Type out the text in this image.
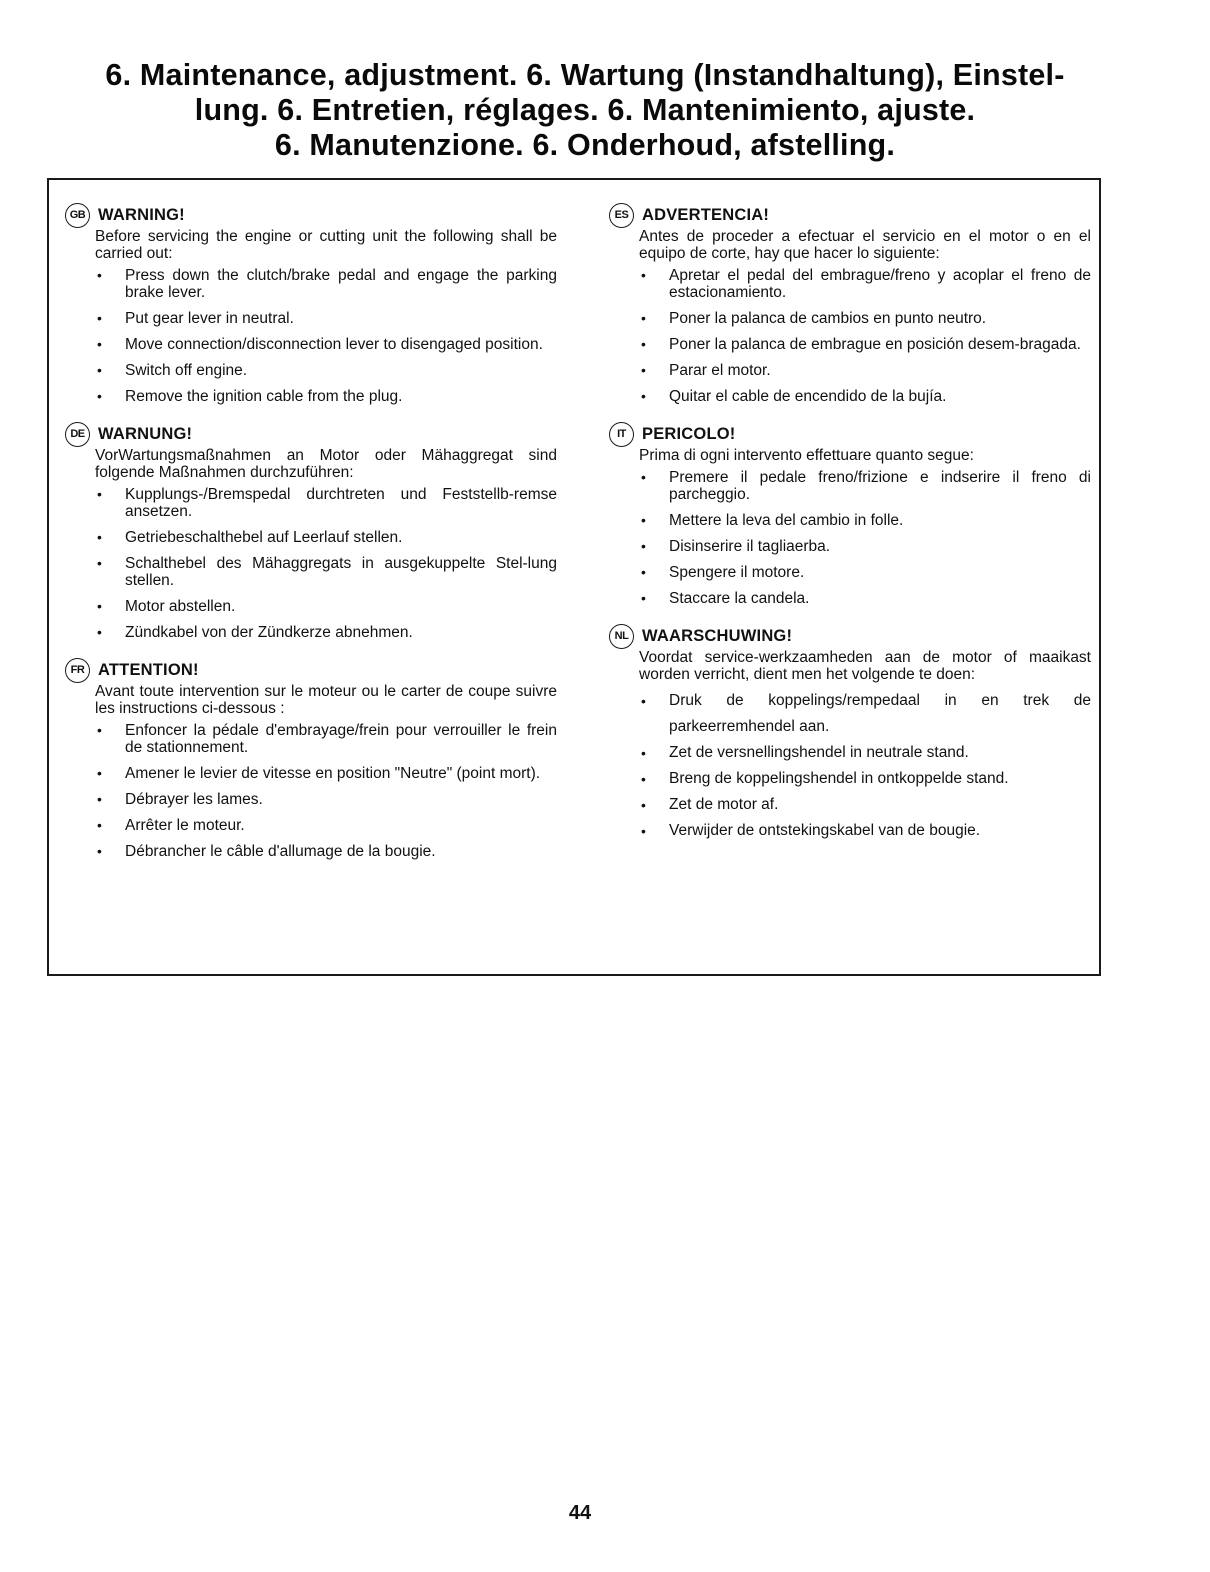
6. Maintenance, adjustment. 6. Wartung (Instandhaltung), Einstel-
lung. 6. Entretien, réglages. 6. Mantenimiento, ajuste.
6. Manutenzione. 6. Onderhoud, afstelling.
GB WARNING!
Before servicing the engine or cutting unit the following shall be carried out:
• Press down the clutch/brake pedal and engage the parking brake lever.
• Put gear lever in neutral.
• Move connection/disconnection lever to disengaged position.
• Switch off engine.
• Remove the ignition cable from the plug.
DE WARNUNG!
VorWartungsmaßnahmen an Motor oder Mähaggregat sind folgende Maßnahmen durchzuführen:
• Kupplungs-/Bremspedal durchtreten und Feststellb-remse ansetzen.
• Getriebeschalthebel auf Leerlauf stellen.
• Schalthebel des Mähaggregats in ausgekuppelte Stel-lung stellen.
• Motor abstellen.
• Zündkabel von der Zündkerze abnehmen.
FR ATTENTION!
Avant toute intervention sur le moteur ou le carter de coupe suivre les instructions ci-dessous :
• Enfoncer la pédale d'embrayage/frein pour verrouiller le frein de stationnement.
• Amener le levier de vitesse en position "Neutre" (point mort).
• Débrayer les lames.
• Arrêter le moteur.
• Débrancher le câble d'allumage de la bougie.
ES ADVERTENCIA!
Antes de proceder a efectuar el servicio en el motor o en el equipo de corte, hay que hacer lo siguiente:
• Apretar el pedal del embrague/freno y acoplar el freno de estacionamiento.
• Poner la palanca de cambios en punto neutro.
• Poner la palanca de embrague en posición desem-bragada.
• Parar el motor.
• Quitar el cable de encendido de la bujía.
IT PERICOLO!
Prima di ogni intervento effettuare quanto segue:
• Premere il pedale freno/frizione e indserire il freno di parcheggio.
• Mettere la leva del cambio in folle.
• Disinserire il tagliaerba.
• Spengere il motore.
• Staccare la candela.
NL WAARSCHUWING!
Voordat service-werkzaamheden aan de motor of maaikast worden verricht, dient men het volgende te doen:
• Druk de koppelings/rempedaal in en trek de parkeerremhendel aan.
• Zet de versnellingshendel in neutrale stand.
• Breng de koppelingshendel in ontkoppelde stand.
• Zet de motor af.
• Verwijder de ontstekingskabel van de bougie.
44
